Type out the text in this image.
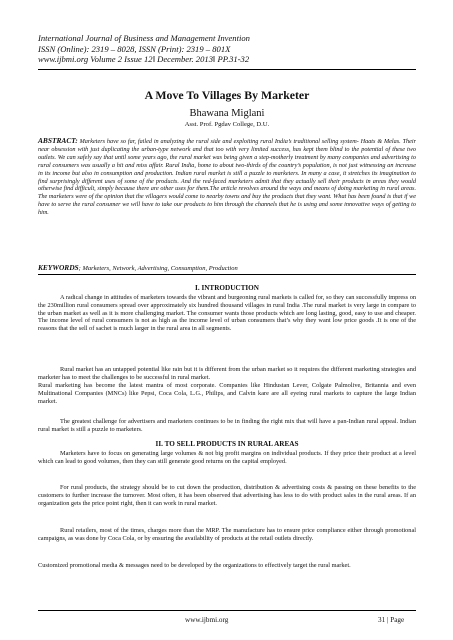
International Journal of Business and Management Invention
ISSN (Online): 2319 – 8028, ISSN (Print): 2319 – 801X
www.ijbmi.org Volume 2 Issue 12ǁ December. 2013ǁ PP.31-32
A Move To Villages By Marketer
Bhawana Miglani
Asst. Prof. Pgdav College, D.U.
ABSTRACT: Marketers have so far, failed in analyzing the rural side and exploiting rural India’s traditional selling system- Haats & Melas. Their near obsession with just duplicating the urban-type network and that too with very limited success, has kept them blind to the potential of these two outlets. We can safely say that until some years ago, the rural market was being given a step-motherly treatment by many companies and advertising to rural consumers was usually a hit and miss affair. Rural India, home to about two-thirds of the country’s population, is not just witnessing an increase in its income but also in consumption and production. Indian rural market is still a puzzle to marketers. In many a case, it stretches its imagination to find surprisingly different uses of some of the products. And the red-faced marketers admit that they actually sell their products in areas they would otherwise find difficult, simply because there are other uses for them.The article revolves around the ways and means of doing marketing in rural areas. The marketers were of the opinion that the villagers would come to nearby towns and buy the products that they want. What has been found is that if we have to serve the rural consumer we will have to take our products to him through the channels that he is using and some innovative ways of getting to him.
KEYWORDS; Marketers, Network, Advertising, Consumption, Production
I. INTRODUCTION
A radical change in attitudes of marketers towards the vibrant and burgeoning rural markets is called for, so they can successfully impress on the 230million rural consumers spread over approximately six hundred thousand villages in rural India .The rural market is very large in compare to the urban market as well as it is more challenging market. The consumer wants those products which are long lasting, good, easy to use and cheaper. The income level of rural consumers is not as high as the income level of urban consumers that’s why they want low price goods .It is one of the reasons that the sell of sachet is much larger in the rural area in all segments.
Rural market has an untapped potential like rain but it is different from the urban market so it requires the different marketing strategies and marketer has to meet the challenges to be successful in rural market.
Rural marketing has become the latest mantra of most corporate. Companies like Hindustan Lever, Colgate Palmolive, Britannia and even Multinational Companies (MNCs) like Pepsi, Coca Cola, L.G., Philips, and Calvin kare are all eyeing rural markets to capture the large Indian market.
The greatest challenge for advertisers and marketers continues to be in finding the right mix that will have a pan-Indian rural appeal. Indian rural market is still a puzzle to marketers.
II. TO SELL PRODUCTS IN RURAL AREAS
Marketers have to focus on generating large volumes & not big profit margins on individual products. If they price their product at a level which can lead to good volumes, then they can still generate good returns on the capital employed.
For rural products, the strategy should be to cut down the production, distribution & advertising costs & passing on these benefits to the customers to further increase the turnover. Most often, it has been observed that advertising has less to do with product sales in the rural areas. If an organization gets the price point right, then it can work in rural market.
Rural retailers, most of the times, charges more than the MRP. The manufacture has to ensure price compliance either through promotional campaigns, as was done by Coca Cola, or by ensuring the availability of products at the retail outlets directly.
Customized promotional media & messages need to be developed by the organizations to effectively target the rural market.
www.ijbmi.org	31 | Page
